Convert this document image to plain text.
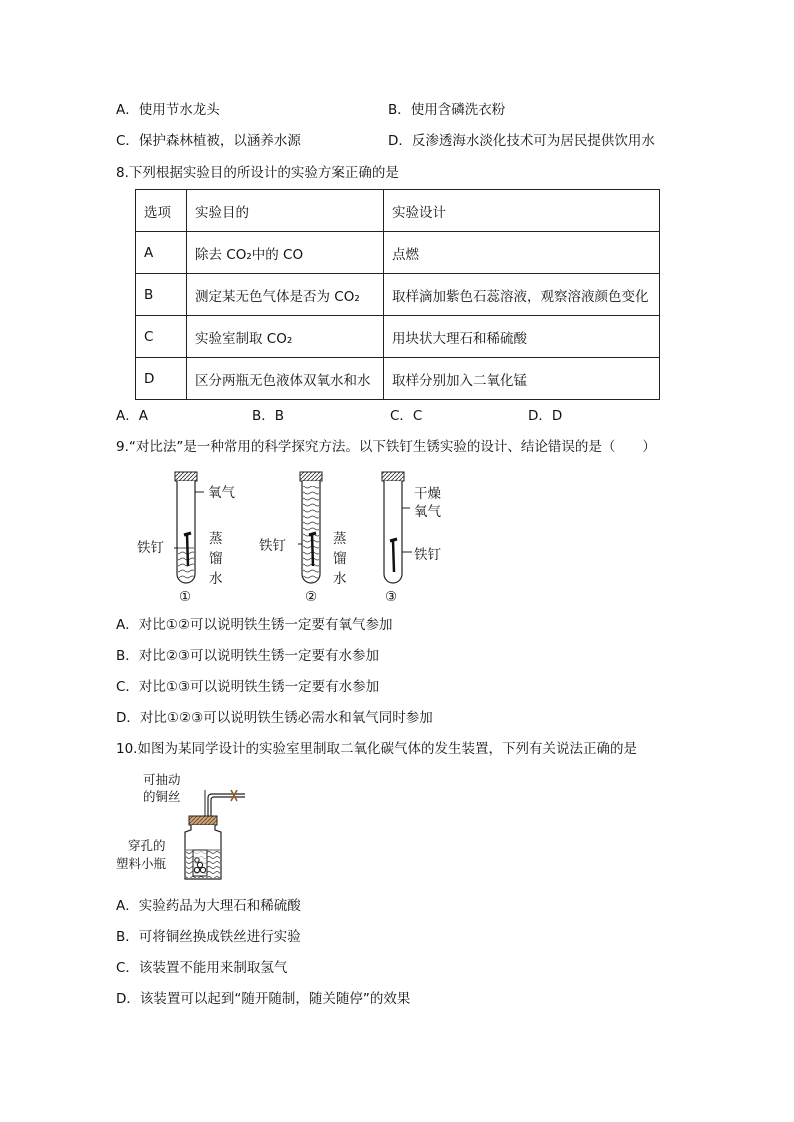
A．使用节水龙头	B．使用含磷洗衣粉
C．保护森林植被，以涵养水源	D．反渗透海水淡化技术可为居民提供饮用水
8.下列根据实验目的所设计的实验方案正确的是
选项	实验目的	实验设计
A	除去 CO₂中的 CO	点燃
B	测定某无色气体是否为 CO₂	取样滴加紫色石蕊溶液，观察溶液颜色变化
C	实验室制取 CO₂	用块状大理石和稀硫酸
D	区分两瓶无色液体双氧水和水	取样分别加入二氧化锰
A．A	B．B	C．C	D．D
9.“对比法”是一种常用的科学探究方法。以下铁钉生锈实验的设计、结论错误的是（　　）
氧气
铁钉
蒸
馏
水
铁钉	蒸
馏
水
干燥
氧气
铁钉
①	②	③
A．对比①②可以说明铁生锈一定要有氧气参加
B．对比②③可以说明铁生锈一定要有水参加
C．对比①③可以说明铁生锈一定要有水参加
D．对比①②③可以说明铁生锈必需水和氧气同时参加
10.如图为某同学设计的实验室里制取二氧化碳气体的发生装置，下列有关说法正确的是
可抽动
的铜丝
穿孔的
塑料小瓶
A．实验药品为大理石和稀硫酸
B．可将铜丝换成铁丝进行实验
C．该装置不能用来制取氢气
D．该装置可以起到“随开随制，随关随停”的效果
